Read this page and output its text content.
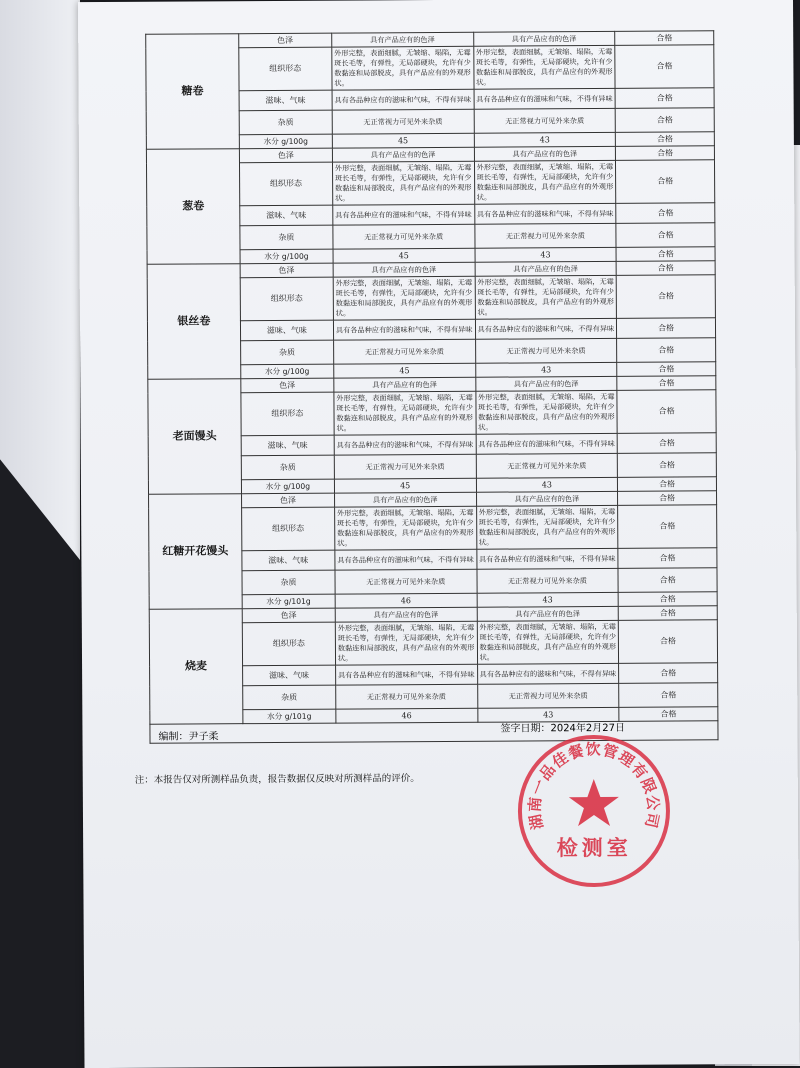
糖卷	色泽	具有产品应有的色泽	具有产品应有的色泽	合格
	组织形态	外形完整，表面细腻，无皱缩、塌陷，无霉斑长毛等，有弹性，无局部硬块，允许有少数黏连和局部脱皮，具有产品应有的外观形状。	外形完整，表面细腻，无皱缩、塌陷，无霉斑长毛等，有弹性，无局部硬块，允许有少数黏连和局部脱皮，具有产品应有的外观形状。	合格
	滋味、气味	具有各品种应有的滋味和气味，不得有异味	具有各品种应有的滋味和气味，不得有异味	合格
	杂质	无正常视力可见外来杂质	无正常视力可见外来杂质	合格
	水分 g/100g	45	43	合格
葱卷	色泽	具有产品应有的色泽	具有产品应有的色泽	合格
	组织形态	外形完整，表面细腻，无皱缩、塌陷，无霉斑长毛等，有弹性，无局部硬块，允许有少数黏连和局部脱皮，具有产品应有的外观形状。	外形完整，表面细腻，无皱缩、塌陷，无霉斑长毛等，有弹性，无局部硬块，允许有少数黏连和局部脱皮，具有产品应有的外观形状。	合格
	滋味、气味	具有各品种应有的滋味和气味，不得有异味	具有各品种应有的滋味和气味，不得有异味	合格
	杂质	无正常视力可见外来杂质	无正常视力可见外来杂质	合格
	水分 g/100g	45	43	合格
银丝卷	色泽	具有产品应有的色泽	具有产品应有的色泽	合格
	组织形态	外形完整，表面细腻，无皱缩、塌陷，无霉斑长毛等，有弹性，无局部硬块，允许有少数黏连和局部脱皮，具有产品应有的外观形状。	外形完整，表面细腻，无皱缩、塌陷，无霉斑长毛等，有弹性，无局部硬块，允许有少数黏连和局部脱皮，具有产品应有的外观形状。	合格
	滋味、气味	具有各品种应有的滋味和气味，不得有异味	具有各品种应有的滋味和气味，不得有异味	合格
	杂质	无正常视力可见外来杂质	无正常视力可见外来杂质	合格
	水分 g/100g	45	43	合格
老面馒头	色泽	具有产品应有的色泽	具有产品应有的色泽	合格
	组织形态	外形完整，表面细腻，无皱缩、塌陷，无霉斑长毛等，有弹性，无局部硬块，允许有少数黏连和局部脱皮，具有产品应有的外观形状。	外形完整，表面细腻，无皱缩、塌陷，无霉斑长毛等，有弹性，无局部硬块，允许有少数黏连和局部脱皮，具有产品应有的外观形状。	合格
	滋味、气味	具有各品种应有的滋味和气味，不得有异味	具有各品种应有的滋味和气味，不得有异味	合格
	杂质	无正常视力可见外来杂质	无正常视力可见外来杂质	合格
	水分 g/100g	45	43	合格
红糖开花馒头	色泽	具有产品应有的色泽	具有产品应有的色泽	合格
	组织形态	外形完整，表面细腻，无皱缩、塌陷，无霉斑长毛等，有弹性，无局部硬块，允许有少数黏连和局部脱皮，具有产品应有的外观形状。	外形完整，表面细腻，无皱缩、塌陷，无霉斑长毛等，有弹性，无局部硬块，允许有少数黏连和局部脱皮，具有产品应有的外观形状。	合格
	滋味、气味	具有各品种应有的滋味和气味，不得有异味	具有各品种应有的滋味和气味，不得有异味	合格
	杂质	无正常视力可见外来杂质	无正常视力可见外来杂质	合格
	水分 g/101g	46	43	合格
烧麦	色泽	具有产品应有的色泽	具有产品应有的色泽	合格
	组织形态	外形完整，表面细腻，无皱缩、塌陷，无霉斑长毛等，有弹性，无局部硬块，允许有少数黏连和局部脱皮，具有产品应有的外观形状。	外形完整，表面细腻，无皱缩、塌陷，无霉斑长毛等，有弹性，无局部硬块，允许有少数黏连和局部脱皮，具有产品应有的外观形状。	合格
	滋味、气味	具有各品种应有的滋味和气味，不得有异味	具有各品种应有的滋味和气味，不得有异味	合格
	杂质	无正常视力可见外来杂质	无正常视力可见外来杂质	合格
	水分 g/101g	46	43	合格
编制：尹子柔
签字日期：2024年2月27日
注：本报告仅对所测样品负责，报告数据仅反映对所测样品的评价。
湖南一品佳餐饮管理有限公司
检测室
